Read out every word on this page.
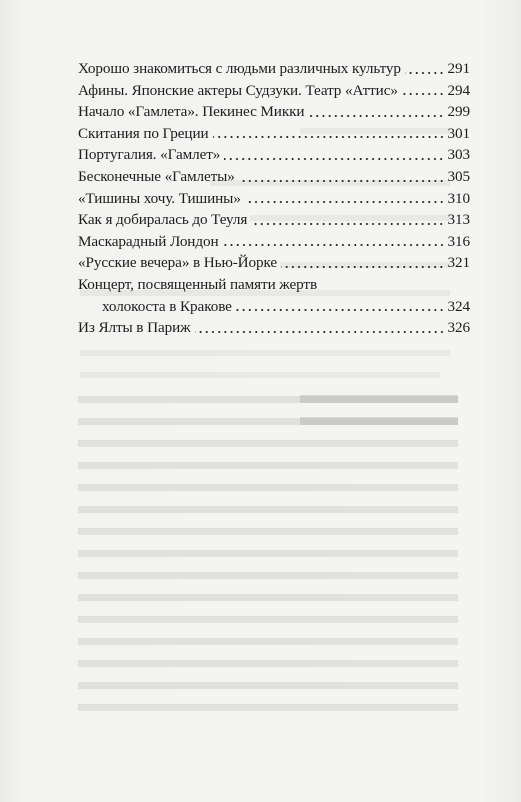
Хорошо знакомиться с людьми различных культур	291
Афины. Японские актеры Судзуки. Театр «Аттис»	294
Начало «Гамлета». Пекинес Микки	299
Скитания по Греции	301
Португалия. «Гамлет»	303
Бесконечные «Гамлеты»	305
«Тишины хочу. Тишины»	310
Как я добиралась до Теуля	313
Маскарадный Лондон	316
«Русские вечера» в Нью-Йорке	321
Концерт, посвященный памяти жертв
холокоста в Кракове	324
Из Ялты в Париж	326
